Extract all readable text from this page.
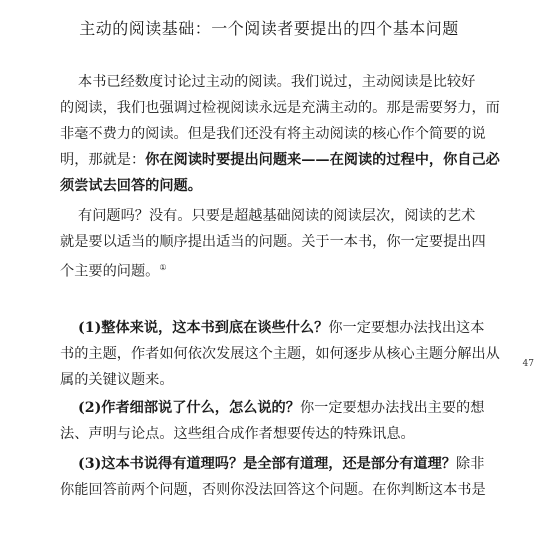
主动的阅读基础：一个阅读者要提出的四个基本问题
本书已经数度讨论过主动的阅读。我们说过，主动阅读是比较好
的阅读，我们也强调过检视阅读永远是充满主动的。那是需要努力，而
非毫不费力的阅读。但是我们还没有将主动阅读的核心作个简要的说
明，那就是：你在阅读时要提出问题来——在阅读的过程中，你自己必
须尝试去回答的问题。
有问题吗？没有。只要是超越基础阅读的阅读层次，阅读的艺术
就是要以适当的顺序提出适当的问题。关于一本书，你一定要提出四
个主要的问题。①
(1)整体来说，这本书到底在谈些什么？你一定要想办法找出这本
书的主题，作者如何依次发展这个主题，如何逐步从核心主题分解出从
属的关键议题来。
(2)作者细部说了什么，怎么说的？你一定要想办法找出主要的想
法、声明与论点。这些组合成作者想要传达的特殊讯息。
(3)这本书说得有道理吗？是全部有道理，还是部分有道理？除非
你能回答前两个问题，否则你没法回答这个问题。在你判断这本书是
47
